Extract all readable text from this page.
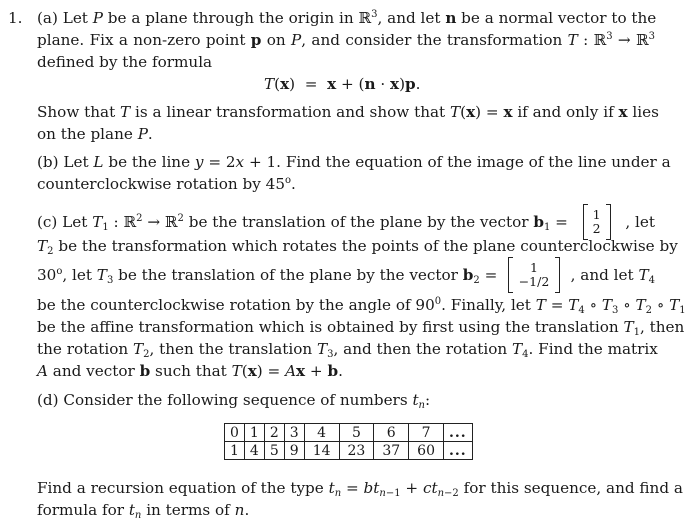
1. (a) Let P be a plane through the origin in ℝ$^3$, and let n be a normal vector to the
plane. Fix a non-zero point p on P, and consider the transformation T : ℝ$^3$ → ℝ$^3$
defined by the formula
T(x)  =  x + (n · x)p.
Show that T is a linear transformation and show that T(x) = x if and only if x lies
on the plane P.
(b) Let L be the line y = 2x + 1. Find the equation of the image of the line under a
counterclockwise rotation by 45$^o$.
(c) Let $T_1$ : ℝ$^2$ → ℝ$^2$ be the translation of the plane by the vector $b_1 = 1$
2 , let
$T_2$ be the transformation which rotates the points of the plane counterclockwise by
30$^o$, let $T_3$ be the translation of the plane by the vector $b_2$ =	1
−1/2 , and let $T_4$
be the counterclockwise rotation by the angle of $90^0$. Finally, let $T = T_4$ ∘ $T_3$ ∘ $T_2$ ∘ $T_1$
be the affine transformation which is obtained by first using the translation $T_1$, then
the rotation $T_2$, then the translation $T_3$, and then the rotation $T_4$. Find the matrix
A and vector b such that T(x) = Ax + b.
(d) Consider the following sequence of numbers $t_n$:
0	1	2	3	4	5	6	7	...
1	4	5	9	14	23	37	60	...
Find a recursion equation of the type $t_n = bt_{n-1} + ct_{n-2}$ for this sequence, and find a
formula for $t_n$ in terms of n.
